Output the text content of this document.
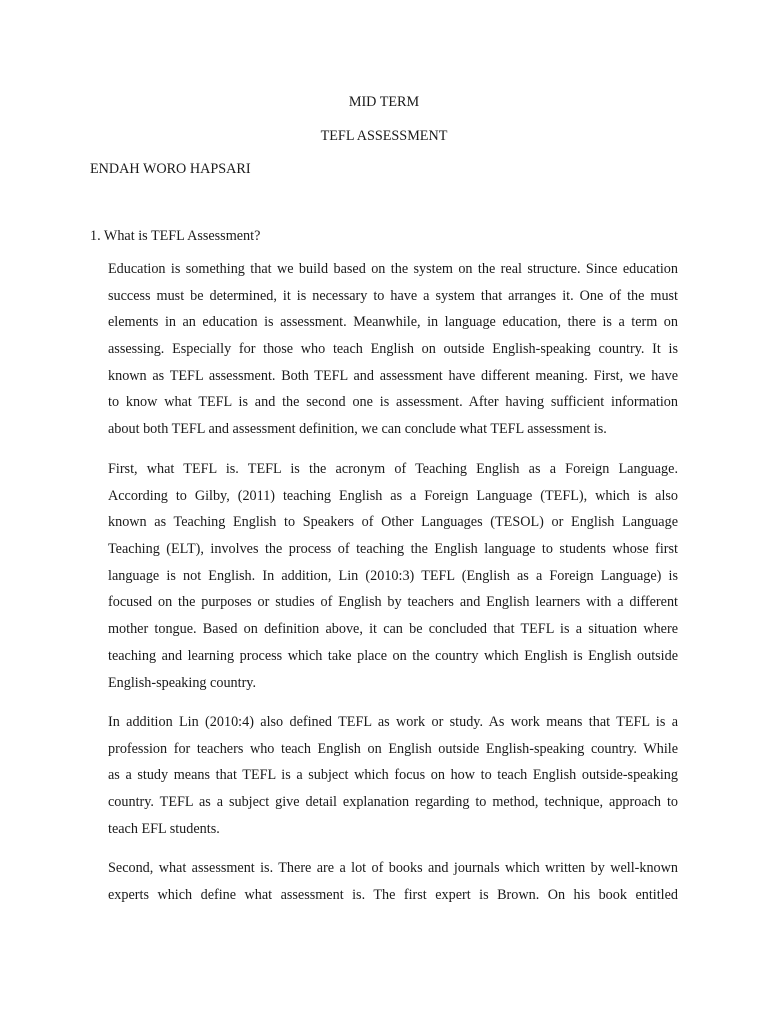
MID TERM
TEFL ASSESSMENT
ENDAH WORO HAPSARI
1. What is TEFL Assessment?
Education is something that we build based on the system on the real structure. Since education
success must be determined, it is necessary to have a system that arranges it. One of the must
elements in an education is assessment. Meanwhile, in language education, there is a term on
assessing. Especially for those who teach English on outside English-speaking country. It is
known as TEFL assessment. Both TEFL and assessment have different meaning. First, we have
to know what TEFL is and the second one is assessment. After having sufficient information
about both TEFL and assessment definition, we can conclude what TEFL assessment is.
First, what TEFL is. TEFL is the acronym of Teaching English as a Foreign Language.
According to Gilby, (2011) teaching English as a Foreign Language (TEFL), which is also
known as Teaching English to Speakers of Other Languages (TESOL) or English Language
Teaching (ELT), involves the process of teaching the English language to students whose first
language is not English. In addition, Lin (2010:3) TEFL (English as a Foreign Language) is
focused on the purposes or studies of English by teachers and English learners with a different
mother tongue. Based on definition above, it can be concluded that TEFL is a situation where
teaching and learning process which take place on the country which English is English outside
English-speaking country.
In addition Lin (2010:4) also defined TEFL as work or study. As work means that TEFL is a
profession for teachers who teach English on English outside English-speaking country. While
as a study means that TEFL is a subject which focus on how to teach English outside-speaking
country. TEFL as a subject give detail explanation regarding to method, technique, approach to
teach EFL students.
Second, what assessment is. There are a lot of books and journals which written by well-known
experts which define what assessment is. The first expert is Brown. On his book entitled
